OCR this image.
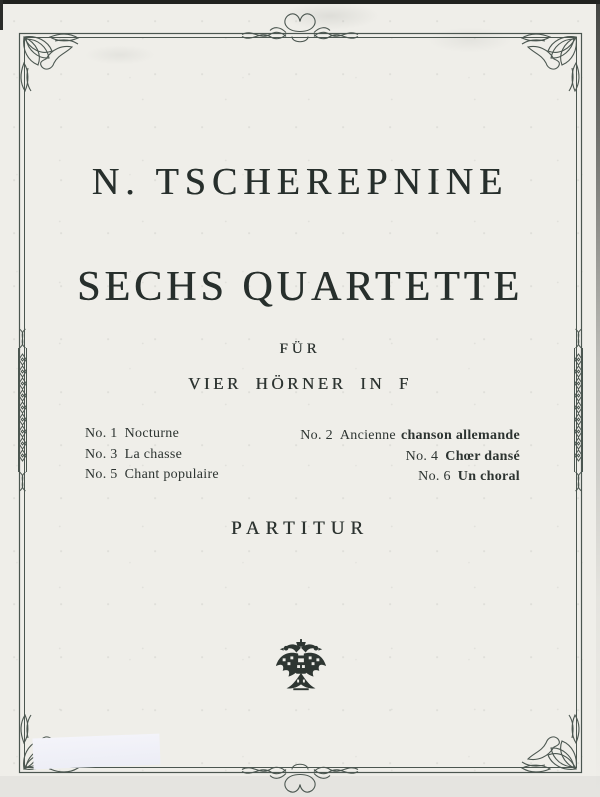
N. TSCHEREPNINE
SECHS QUARTETTE
FÜR
VIER HÖRNER IN F
No. 1 Nocturne
No. 3 La chasse
No. 5 Chant populaire
No. 2 Ancienne chanson allemande
No. 4 Chœr dansé
No. 6 Un choral
PARTITUR
